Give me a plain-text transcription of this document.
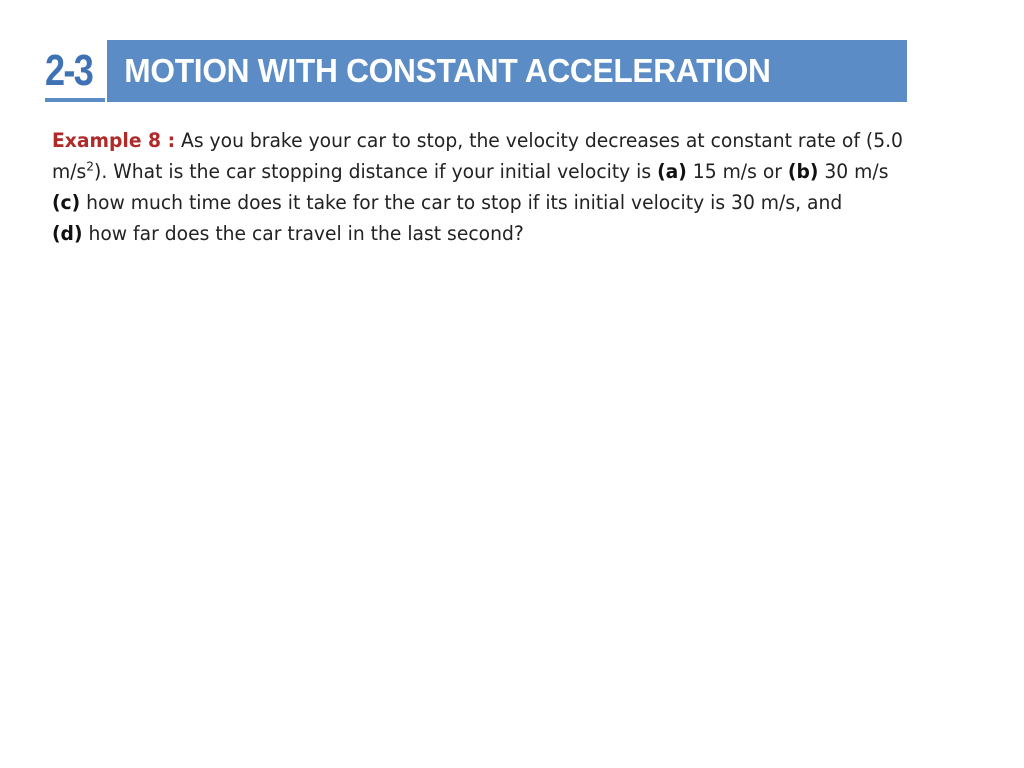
2-3 MOTION WITH CONSTANT ACCELERATION
Example 8 : As you brake your car to stop, the velocity decreases at constant rate of (5.0
$m/s^2$). What is the car stopping distance if your initial velocity is (a) 15 m/s or (b) 30 m/s
(c) how much time does it take for the car to stop if its initial velocity is 30 m/s, and
(d) how far does the car travel in the last second?
